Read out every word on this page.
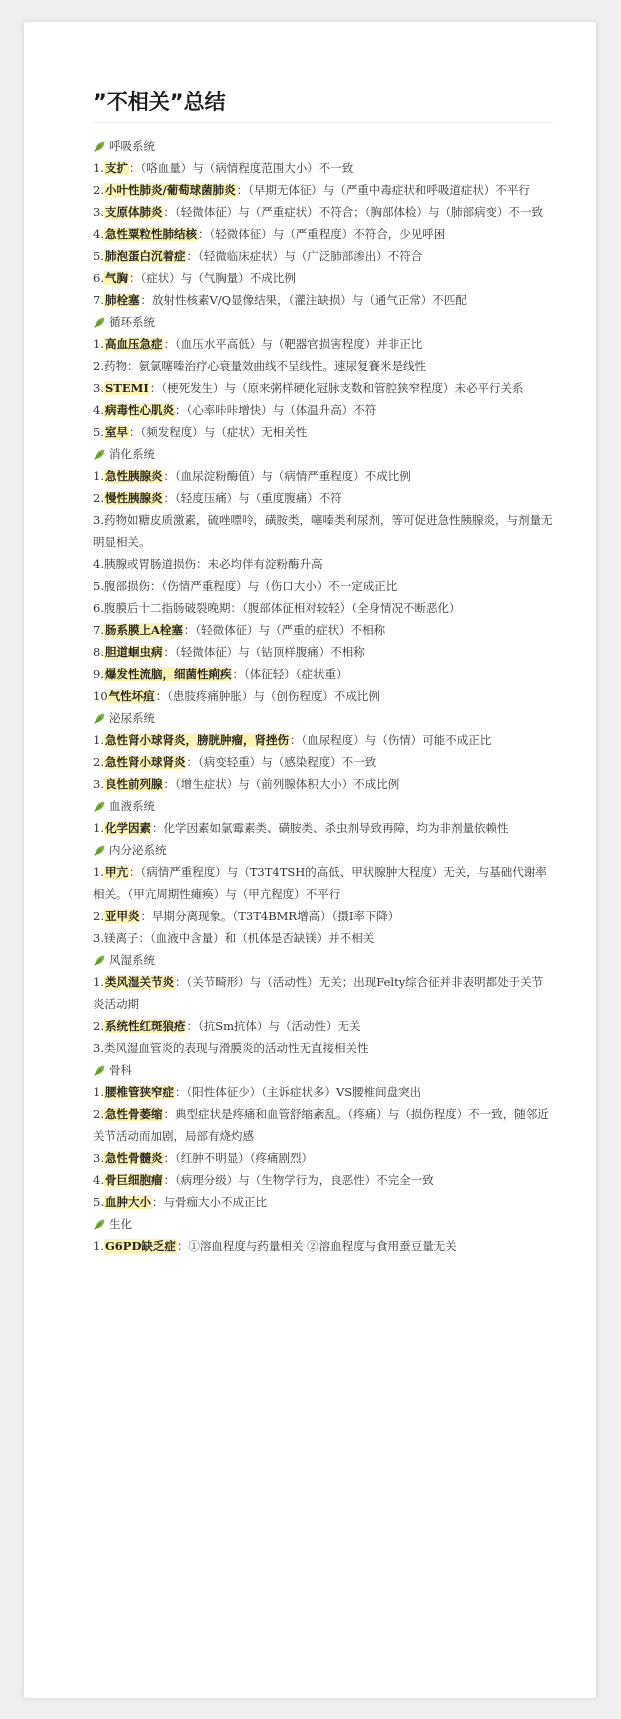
”不相关”总结
呼吸系统
1.支扩：（咯血量）与（病情程度范围大小）不一致
2.小叶性肺炎/葡萄球菌肺炎：（早期无体征）与（严重中毒症状和呼吸道症状）不平行
3.支原体肺炎：（轻微体征）与（严重症状）不符合；（胸部体检）与（肺部病变）不一致
4.急性粟粒性肺结核：（轻微体征）与（严重程度）不符合，少见呼困
5.肺泡蛋白沉着症：（轻微临床症状）与（广泛肺部渗出）不符合
6.气胸：（症状）与（气胸量）不成比例
7.肺栓塞：放射性核素V/Q显像结果，（灌注缺损）与（通气正常）不匹配
循环系统
1.高血压急症：（血压水平高低）与（靶器官损害程度）并非正比
2.药物：氨氯噻嗪治疗心衰量效曲线不呈线性。速尿复賽米是线性
3.STEMI：（梗死发生）与（原来粥样硬化冠脉支数和管腔狭窄程度）未必平行关系
4.病毒性心肌炎：（心率咔咔增快）与（体温升高）不符
5.室早：（频发程度）与（症状）无相关性
消化系统
1.急性胰腺炎：（血尿淀粉酶值）与（病情严重程度）不成比例
2.慢性胰腺炎：（轻度压痛）与（重度腹痛）不符
3.药物如糖皮质激素，硫唑嘌呤，磺胺类，噻嗪类利尿剂，等可促进急性胰腺炎，与剂量无明显相关。
4.胰腺或胃肠道损伤：未必均伴有淀粉酶升高
5.腹部损伤：（伤情严重程度）与（伤口大小）不一定成正比
6.腹膜后十二指肠破裂晚期：（腹部体征相对较轻）（全身情况不断恶化）
7.肠系膜上A栓塞：（轻微体征）与（严重的症状）不相称
8.胆道蛔虫病：（轻微体征）与（钻顶样腹痛）不相称
9.爆发性流脑，细菌性痢疾：（体征轻）（症状重）
10气性坏疽：（患肢疼痛肿胀）与（创伤程度）不成比例
泌尿系统
1.急性肾小球肾炎，膀胱肿瘤，肾挫伤：（血尿程度）与（伤情）可能不成正比
2.急性肾小球肾炎：（病变轻重）与（感染程度）不一致
3.良性前列腺：（增生症状）与（前列腺体积大小）不成比例
血液系统
1.化学因素：化学因素如氯霉素类、磺胺类、杀虫剂导致再障，均为非剂量依赖性
内分泌系统
1.甲亢：（病情严重程度）与（T3T4TSH的高低、甲状腺肿大程度）无关，与基础代谢率相关。（甲亢周期性瘫痪）与（甲亢程度）不平行
2.亚甲炎：早期分离现象。（T3T4BMR增高）（摄I率下降）
3.镁离子：（血液中含量）和（机体是否缺镁）并不相关
风湿系统
1.类风湿关节炎：（关节畸形）与（活动性）无关；出现Felty综合征并非表明都处于关节炎活动期
2.系统性红斑狼疮：（抗Sm抗体）与（活动性）无关
3.类风湿血管炎的表现与滑膜炎的活动性无直接相关性
骨科
1.腰椎管狭窄症：（阳性体征少）（主诉症状多）VS腰椎间盘突出
2.急性骨萎缩：典型症状是疼痛和血管舒缩紊乱。（疼痛）与（损伤程度）不一致，随邻近关节活动而加剧，局部有烧灼感
3.急性骨髓炎：（红肿不明显）（疼痛剧烈）
4.骨巨细胞瘤：（病理分级）与（生物学行为，良恶性）不完全一致
5.血肿大小：与骨痂大小不成正比
生化
1.G6PD缺乏症：①溶血程度与药量相关 ②溶血程度与食用蚕豆量无关
